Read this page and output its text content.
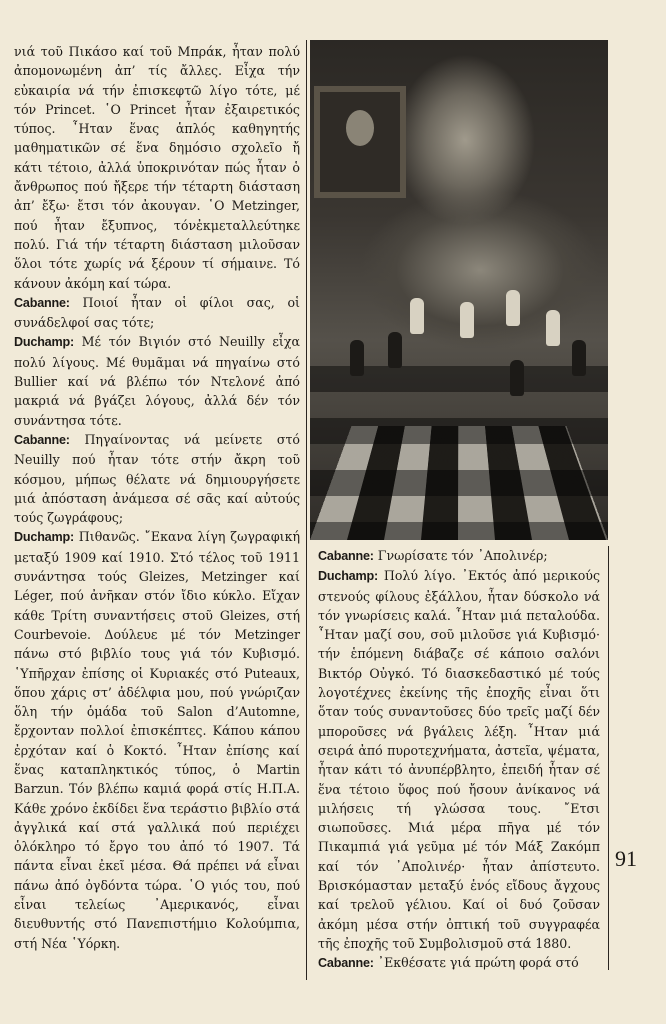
νιά τοῦ Πικάσο καί τοῦ Μπράκ, ἦταν πολύ ἀπομονωμένη ἀπ’ τίς ἄλλες. Εἶχα τήν εὐκαιρία νά τήν ἐπισκεφτῶ λίγο τότε, μέ τόν Princet. ῾Ο Princet ἦταν ἐξαιρετικός τύπος. ῏Ηταν ἕνας ἁπλός καθηγητής μαθηματικῶν σέ ἕνα δημόσιο σχολεῖο ἤ κάτι τέτοιο, ἀλλά ὑποκρινόταν πώς ἦταν ὁ ἄνθρωπος πού ἤξερε τήν τέταρτη διάσταση ἀπ’ ἔξω· ἔτσι τόν ἀκουγαν. ῾Ο Metzinger, πού ἦταν ἔξυπνος, τόνἐκμεταλλεύτηκε πολύ. Γιά τήν τέταρτη διάσταση μιλοῦσαν ὅλοι τότε χωρίς νά ξέρουν τί σήμαινε. Τό κάνουν ἀκόμη καί τώρα.

Cabanne: Ποιοί ἦταν οἱ φίλοι σας, οἱ συνάδελφοί σας τότε;

Duchamp: Μέ τόν Βιγιόν στό Neuilly εἶχα πολύ λίγους. Μέ θυμᾶμαι νά πηγαίνω στό Bullier καί νά βλέπω τόν Ντελονέ ἀπό μακριά νά βγάζει λόγους, ἀλλά δέν τόν συνάντησα τότε.

Cabanne: Πηγαίνοντας νά μείνετε στό Neuilly πού ἦταν τότε στήν ἄκρη τοῦ κόσμου, μήπως θέλατε νά δημιουργήσετε μιά ἀπόσταση ἀνάμεσα σέ σᾶς καί αὐτούς τούς ζωγράφους;

Duchamp: Πιθανῶς. ῎Εκανα λίγη ζωγραφική μεταξύ 1909 καί 1910. Στό τέλος τοῦ 1911 συνάντησα τούς Gleizes, Metzinger καί Léger, πού ἀνῆκαν στόν ἴδιο κύκλο. Εἴχαν κάθε Τρίτη συναντήσεις στοῦ Gleizes, στή Courbevoie. Δούλευε μέ τόν Metzinger πάνω στό βιβλίο τους γιά τόν Κυβισμό. ῾Υπῆρχαν ἐπίσης οἱ Κυριακές στό Puteaux, ὅπου χάρις στ’ ἀδέλφια μου, πού γνώριζαν ὅλη τήν ὁμάδα τοῦ Salon d’Automne, ἔρχονταν πολλοί ἐπισκέπτες. Κάπου κάπου ἐρχόταν καί ὁ Κοκτό. ῏Ηταν ἐπίσης καί ἕνας καταπληκτικός τύπος, ὁ Martin Barzun. Τόν βλέπω καμιά φορά στίς Η.Π.Α. Κάθε χρόνο ἐκδίδει ἕνα τεράστιο βιβλίο στά ἀγγλικά καί στά γαλλικά πού περιέχει ὁλόκληρο τό ἔργο του ἀπό τό 1907. Τά πάντα εἶναι ἐκεῖ μέσα. Θά πρέπει νά εἶναι πάνω ἀπό ὀγδόντα τώρα. ῾Ο γιός του, πού εἶναι τελείως ᾿Αμερικανός, εἶναι διευθυντής στό Πανεπιστήμιο Κολούμπια, στή Νέα ῾Υόρκη.

Cabanne: Γνωρίσατε τόν ᾿Απολινέρ;

Duchamp: Πολύ λίγο. ᾿Εκτός ἀπό μερικούς στενούς φίλους ἐξάλλου, ἦταν δύσκολο νά τόν γνωρίσεις καλά. ῏Ηταν μιά πεταλούδα. ῏Ηταν μαζί σου, σοῦ μιλοῦσε γιά Κυβισμό· τήν ἑπόμενη διάβαζε σέ κάποιο σαλόνι Βικτόρ Οὐγκό. Τό διασκεδαστικό μέ τούς λογοτέχνες ἐκείνης τῆς ἐποχῆς εἶναι ὅτι ὅταν τούς συναντοῦσες δύο τρεῖς μαζί δέν μποροῦσες νά βγάλεις λέξη. ῏Ηταν μιά σειρά ἀπό πυροτεχνήματα, ἀστεῖα, ψέματα, ἦταν κάτι τό ἀνυπέρβλητο, ἐπειδή ἦταν σέ ἕνα τέτοιο ὕφος πού ἤσουν ἀνίκανος νά μιλήσεις τή γλώσσα τους. ῎Ετσι σιωποῦσες. Μιά μέρα πῆγα μέ τόν Πικαμπιά γιά γεῦμα μέ τόν Μάξ Ζακόμπ καί τόν ᾿Απολινέρ· ἦταν ἀπίστευτο. Βρισκόμασταν μεταξύ ἑνός εἴδους ἄγχους καί τρελοῦ γέλιου. Καί οἱ δυό ζοῦσαν ἀκόμη μέσα στήν ὀπτική τοῦ συγγραφέα τῆς ἐποχῆς τοῦ Συμβολισμοῦ στά 1880.

Cabanne: ᾿Εκθέσατε γιά πρώτη φορά στό

91
